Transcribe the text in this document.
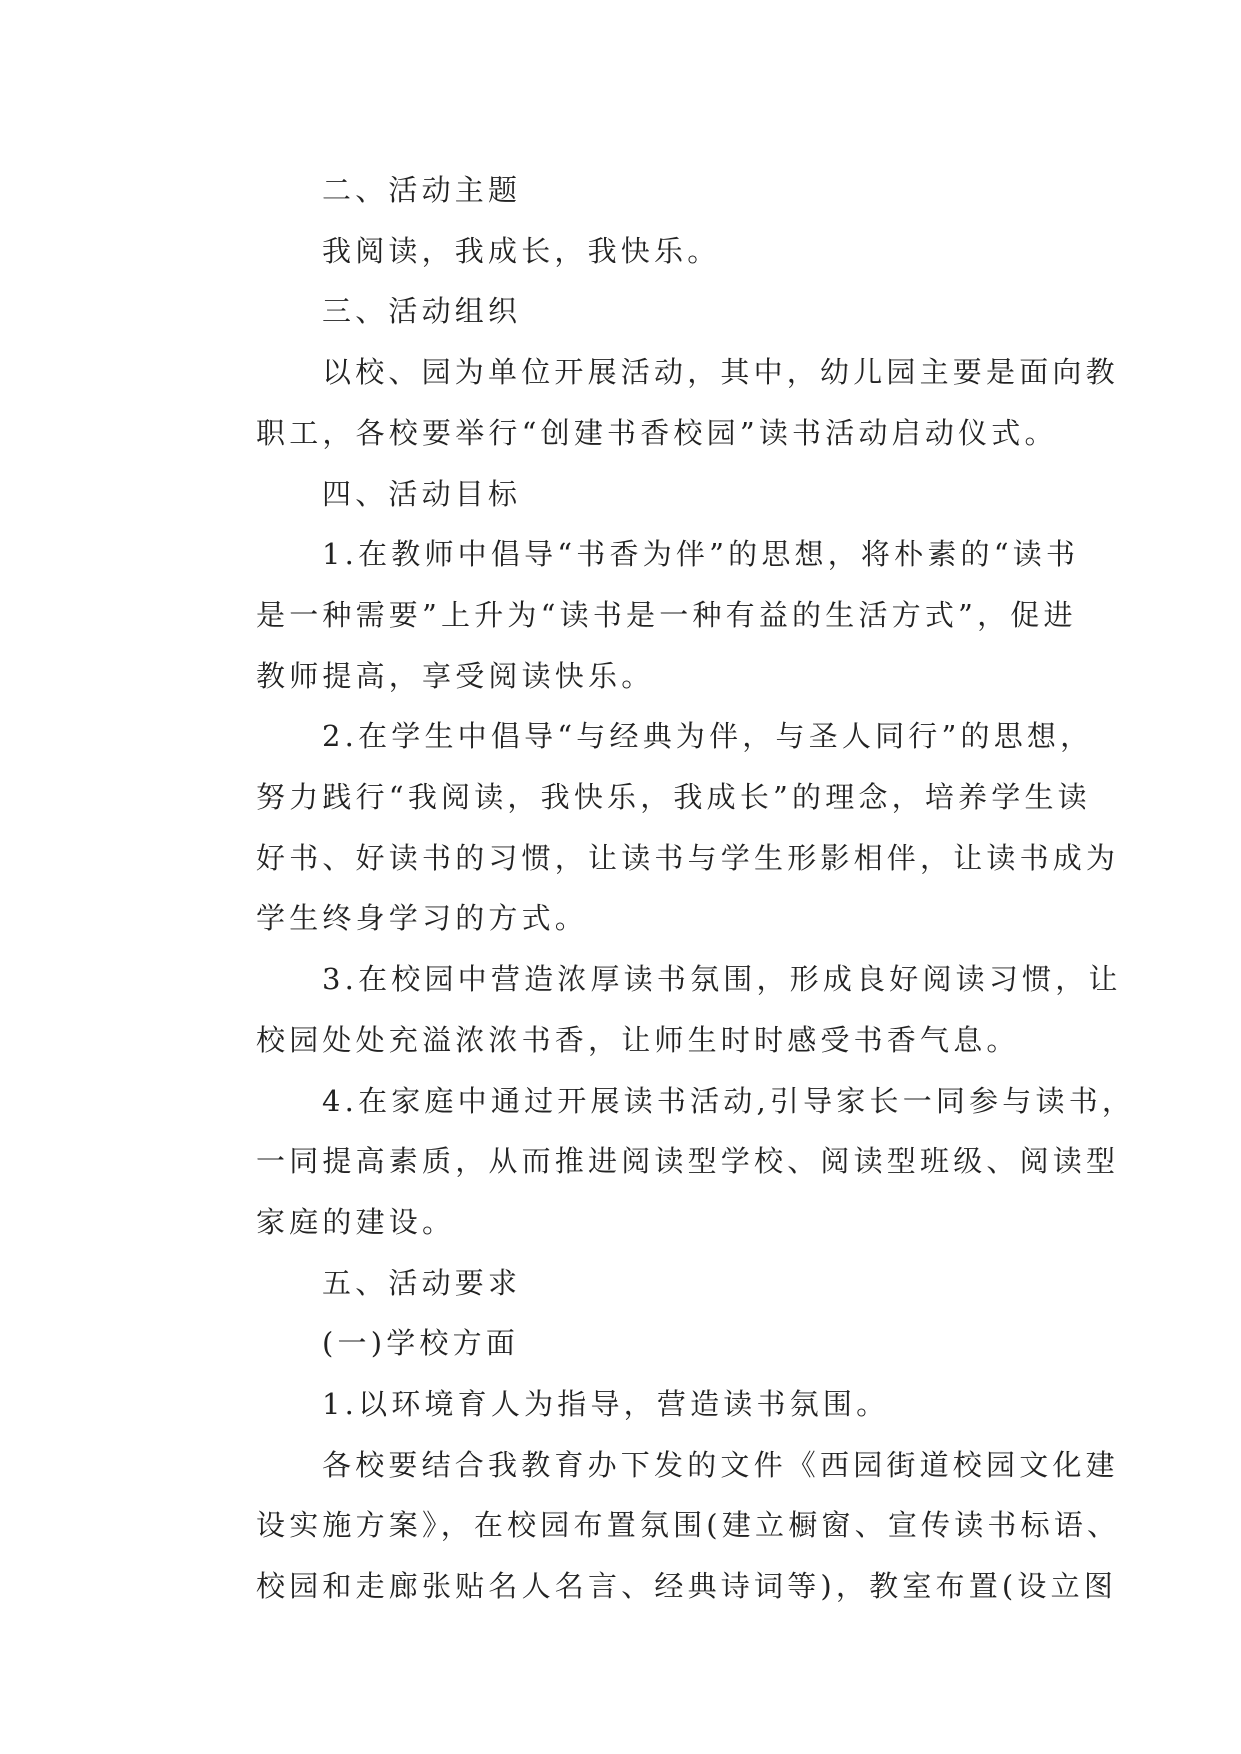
二、活动主题
我阅读，我成长，我快乐。
三、活动组织
以校、园为单位开展活动，其中，幼儿园主要是面向教
职工，各校要举行“创建书香校园”读书活动启动仪式。
四、活动目标
1.在教师中倡导“书香为伴”的思想，将朴素的“读书
是一种需要”上升为“读书是一种有益的生活方式”，促进
教师提高，享受阅读快乐。
2.在学生中倡导“与经典为伴，与圣人同行”的思想，
努力践行“我阅读，我快乐，我成长”的理念，培养学生读
好书、好读书的习惯，让读书与学生形影相伴，让读书成为
学生终身学习的方式。
3.在校园中营造浓厚读书氛围，形成良好阅读习惯，让
校园处处充溢浓浓书香，让师生时时感受书香气息。
4.在家庭中通过开展读书活动,引导家长一同参与读书，
一同提高素质，从而推进阅读型学校、阅读型班级、阅读型
家庭的建设。
五、活动要求
(一)学校方面
1.以环境育人为指导，营造读书氛围。
各校要结合我教育办下发的文件《西园街道校园文化建
设实施方案》，在校园布置氛围(建立橱窗、宣传读书标语、
校园和走廊张贴名人名言、经典诗词等)，教室布置(设立图
